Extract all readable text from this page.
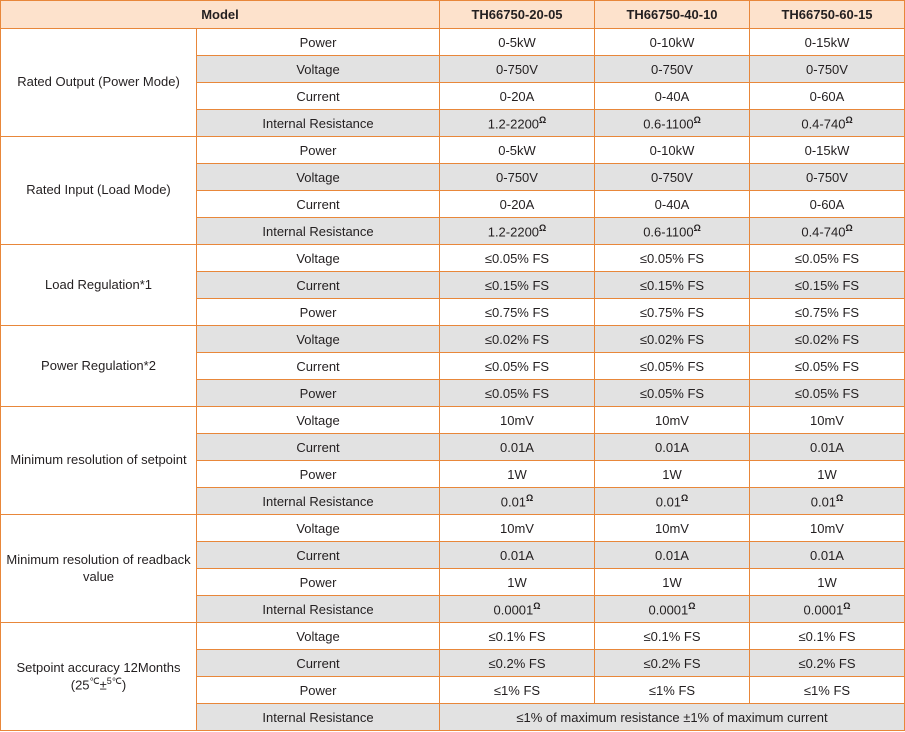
Model		TH66750-20-05	TH66750-40-10	TH66750-60-15
Rated Output (Power Mode)	Power	0-5kW	0-10kW	0-15kW
	Voltage	0-750V	0-750V	0-750V
	Current	0-20A	0-40A	0-60A
	Internal Resistance	$1.2-2200^\Omega$	$0.6-1100^\Omega$	$0.4-740^\Omega$
Rated Input (Load Mode)	Power	0-5kW	0-10kW	0-15kW
	Voltage	0-750V	0-750V	0-750V
	Current	0-20A	0-40A	0-60A
	Internal Resistance	$1.2-2200^\Omega$	$0.6-1100^\Omega$	$0.4-740^\Omega$
Load Regulation*1	Voltage	≤0.05% FS	≤0.05% FS	≤0.05% FS
	Current	≤0.15% FS	≤0.15% FS	≤0.15% FS
	Power	≤0.75% FS	≤0.75% FS	≤0.75% FS
Power Regulation*2	Voltage	≤0.02% FS	≤0.02% FS	≤0.02% FS
	Current	≤0.05% FS	≤0.05% FS	≤0.05% FS
	Power	≤0.05% FS	≤0.05% FS	≤0.05% FS
Minimum resolution of setpoint	Voltage	10mV	10mV	10mV
	Current	0.01A	0.01A	0.01A
	Power	1W	1W	1W
	Internal Resistance	$0.01^\Omega$	$0.01^\Omega$	$0.01^\Omega$
Minimum resolution of readback value	Voltage	10mV	10mV	10mV
	Current	0.01A	0.01A	0.01A
	Power	1W	1W	1W
	Internal Resistance	$0.0001^\Omega$	$0.0001^\Omega$	$0.0001^\Omega$

Setpoint accuracy 12Months
(25℃±$^{5℃}$)	Voltage	≤0.1% FS	≤0.1% FS	≤0.1% FS
	Current	≤0.2% FS	≤0.2% FS	≤0.2% FS
	Power	≤1% FS	≤1% FS	≤1% FS
	Internal Resistance	≤1% of maximum resistance ±1% of maximum current		
